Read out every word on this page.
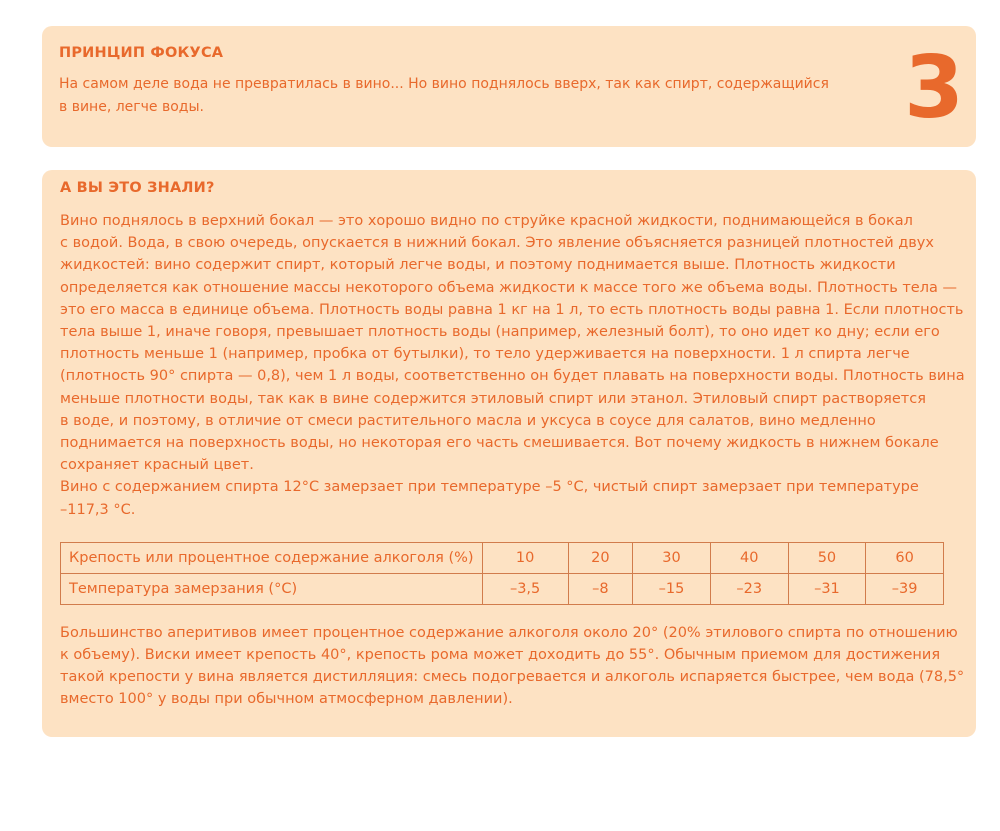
ПРИНЦИП ФОКУСА

На самом деле вода не превратилась в вино... Но вино поднялось вверх, так как спирт, содержащийся
в вине, легче воды.	3
А ВЫ ЭТО ЗНАЛИ?

Вино поднялось в верхний бокал — это хорошо видно по струйке красной жидкости, поднимающейся в бокал
с водой. Вода, в свою очередь, опускается в нижний бокал. Это явление объясняется разницей плотностей двух
жидкостей: вино содержит спирт, который легче воды, и поэтому поднимается выше. Плотность жидкости
определяется как отношение массы некоторого объема жидкости к массе того же объема воды. Плотность тела —
это его масса в единице объема. Плотность воды равна 1 кг на 1 л, то есть плотность воды равна 1. Если плотность
тела выше 1, иначе говоря, превышает плотность воды (например, железный болт), то оно идет ко дну; если его
плотность меньше 1 (например, пробка от бутылки), то тело удерживается на поверхности. 1 л спирта легче
(плотность 90° спирта — 0,8), чем 1 л воды, соответственно он будет плавать на поверхности воды. Плотность вина
меньше плотности воды, так как в вине содержится этиловый спирт или этанол. Этиловый спирт растворяется
в воде, и поэтому, в отличие от смеси растительного масла и уксуса в соусе для салатов, вино медленно
поднимается на поверхность воды, но некоторая его часть смешивается. Вот почему жидкость в нижнем бокале
сохраняет красный цвет.
Вино с содержанием спирта 12°С замерзает при температуре –5 °С, чистый спирт замерзает при температуре
–117,3 °С.

Крепость или процентное содержание алкоголя (%)	10	20	30	40	50	60
Температура замерзания (°С)	–3,5	–8	–15	–23	–31	–39

Большинство аперитивов имеет процентное содержание алкоголя около 20° (20% этилового спирта по отношению
к объему). Виски имеет крепость 40°, крепость рома может доходить до 55°. Обычным приемом для достижения
такой крепости у вина является дистилляция: смесь подогревается и алкоголь испаряется быстрее, чем вода (78,5°
вместо 100° у воды при обычном атмосферном давлении).
